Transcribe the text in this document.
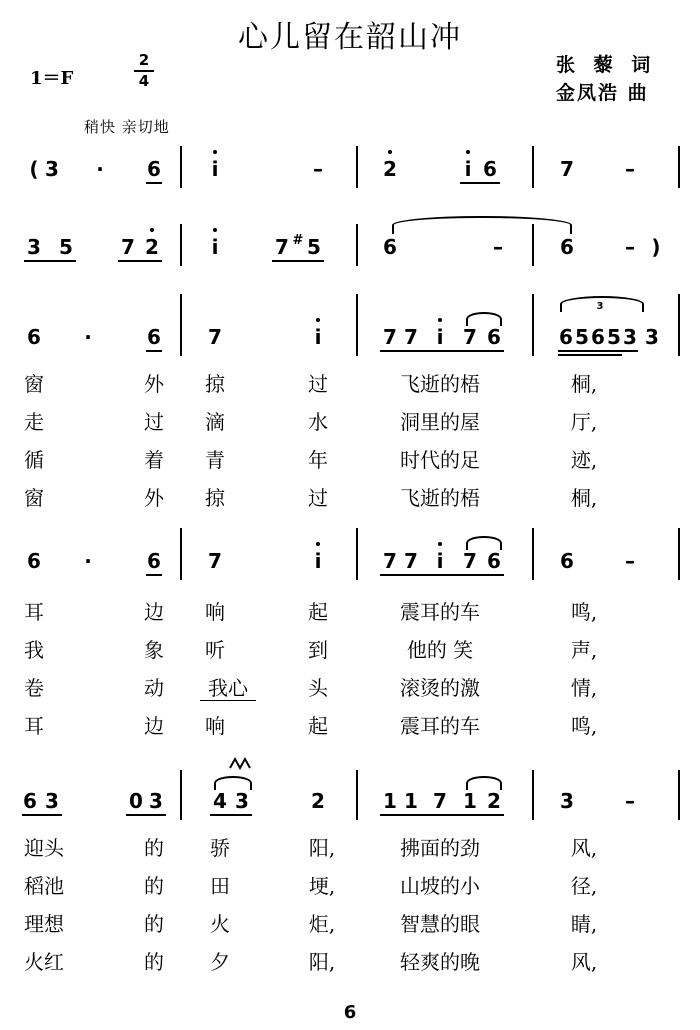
心儿留在韶山冲
1＝F
2
4
张 藜 词
金凤浩 曲
稍快 亲切地
( 3 · 6	i	–	2	i 6	7	–
3 5 7 2	i	7 # 5	6	–	6	– )
6 ·	6 7	i	7 7 i 7 6	6 5 6 5 3
3
3
窗	外 掠	过	飞逝的梧	桐,
走	过 滴	水	洞里的屋	厅,
循	着 青	年	时代的足	迹,
窗	外 掠	过	飞逝的梧	桐,
6 ·	6 7	i	7 7 i 7 6	6	–
耳	边 响	起	震耳的车	鸣,
我	象 听	到	他的 笑	声,
卷	动 我心	头	滚烫的激	情,
耳	边 响	起	震耳的车	鸣,
6 3	0 3	4 3	2	1 1 7 1 2	3	–
迎头	的 骄	阳,	拂面的劲	风,
稻池	的 田	埂,	山坡的小	径,
理想	的 火	炬,	智慧的眼	睛,
火红	的 夕	阳,	轻爽的晚	风,
6
